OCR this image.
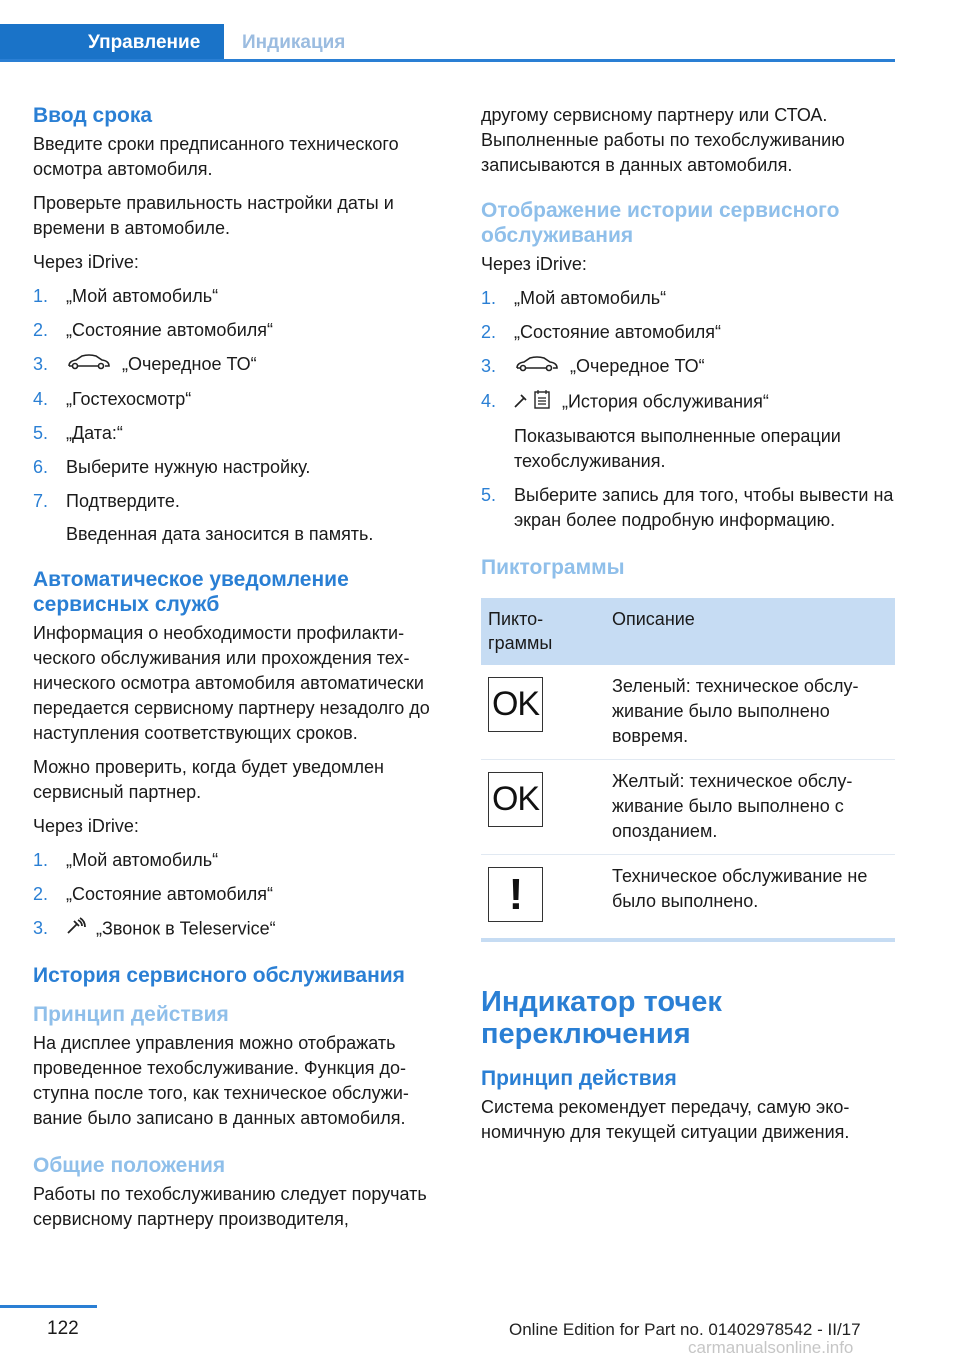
Управление	Индикация
Ввод срока

Введите сроки предписанного технического осмотра автомобиля.

Проверьте правильность настройки даты и времени в автомобиле.

Через iDrive:

1. „Мой автомобиль“
2. „Состояние автомобиля“
3.	„Очередное ТО“
4. „Гостехосмотр“
5. „Дата:“
6. Выберите нужную настройку.
7. Подтвердите.
Введенная дата заносится в память.
Автоматическое уведомление сервисных служб

Информация о необходимости профилактического обслуживания или прохождения технического осмотра автомобиля автоматически передается сервисному партнеру незадолго до наступления соответствующих сроков.

Можно проверить, когда будет уведомлен сервисный партнер.

Через iDrive:

1. „Мой автомобиль“
2. „Состояние автомобиля“
3.	„Звонок в Teleservice“
История сервисного обслуживания
Принцип действия

На дисплее управления можно отображать проведенное техобслуживание. Функция доступна после того, как техническое обслуживание было записано в данных автомобиля.

Общие положения

Работы по техобслуживанию следует поручать сервисному партнеру производителя,

другому сервисному партнеру или СТОА. Выполненные работы по техобслуживанию записываются в данных автомобиля.

Отображение истории сервисного обслуживания

Через iDrive:

1. „Мой автомобиль“
2. „Состояние автомобиля“
3.	„Очередное ТО“
4.	„История обслуживания“
Показываются выполненные операции техобслуживания.
5. Выберите запись для того, чтобы вывести на экран более подробную информацию.
Пиктограммы
Пиктограммы	Описание

OK	Зеленый: техническое обслуживание было выполнено вовремя.

OK	Желтый: техническое обслуживание было выполнено с опозданием.

!	Техническое обслуживание не было выполнено.
Индикатор точек переключения
Принцип действия

Система рекомендует передачу, самую экономичную для текущей ситуации движения.

122	Online Edition for Part no. 01402978542 - II/17
carmanualsonline.info
